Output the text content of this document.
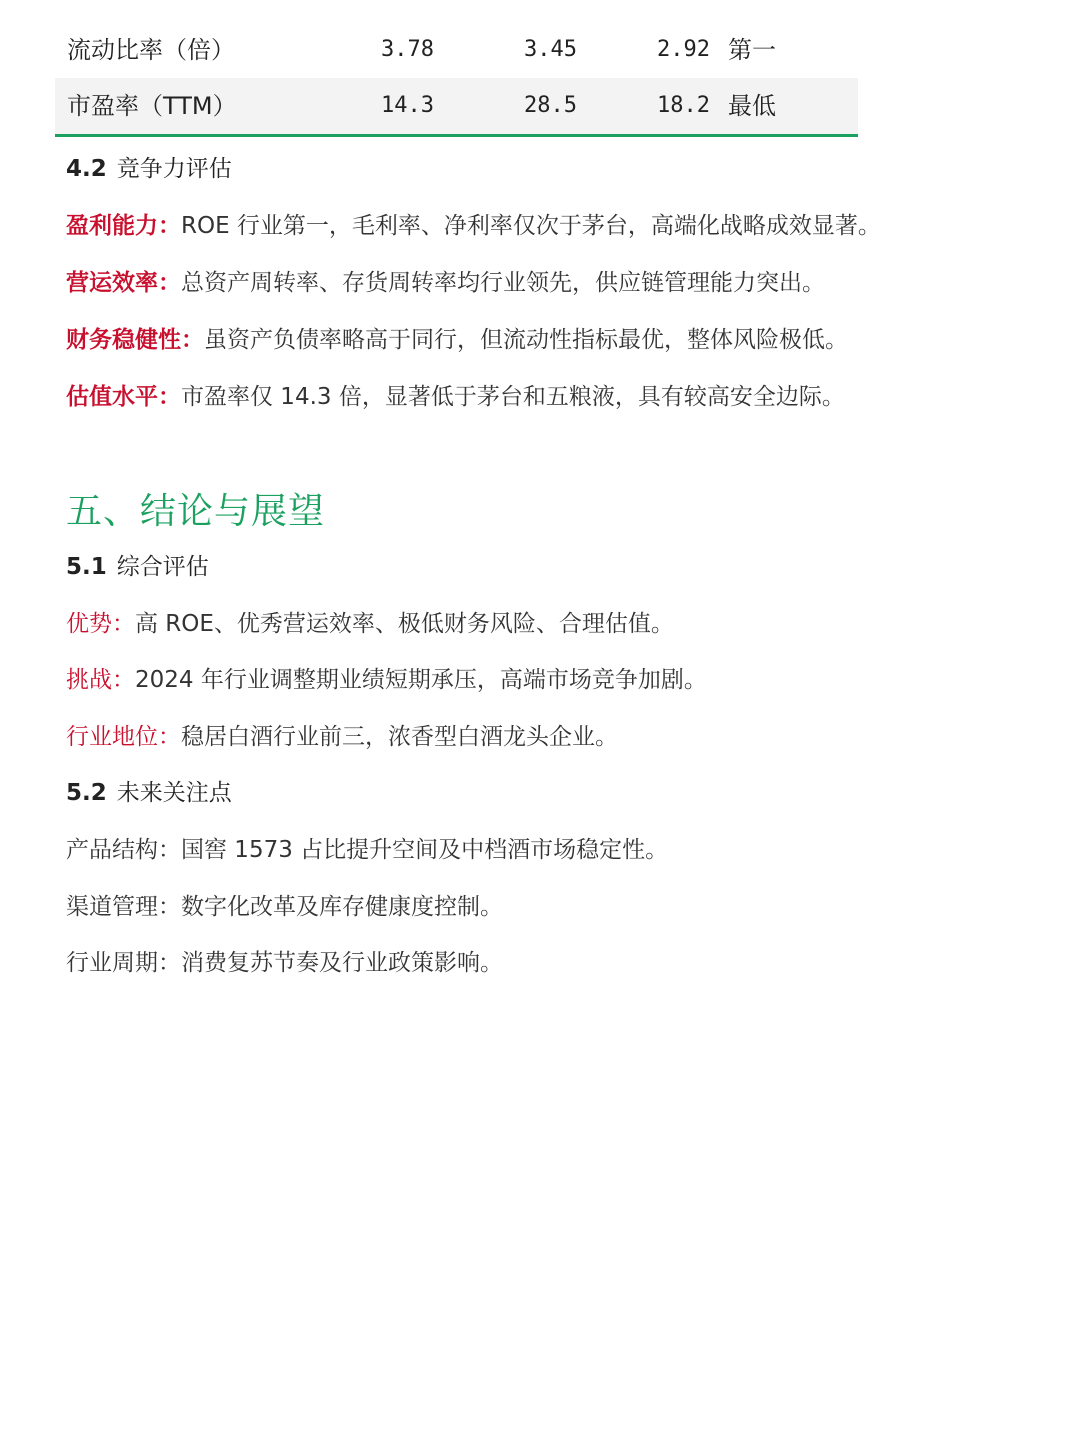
流动比率（倍）	3.78	3.45	2.92 第一
市盈率（TTM）	14.3	28.5	18.2 最低
4.2 竞争力评估
盈利能力：ROE 行业第一，毛利率、净利率仅次于茅台，高端化战略成效显著。
营运效率：总资产周转率、存货周转率均行业领先，供应链管理能力突出。
财务稳健性：虽资产负债率略高于同行，但流动性指标最优，整体风险极低。
估值水平：市盈率仅 14.3 倍，显著低于茅台和五粮液，具有较高安全边际。
五、结论与展望
5.1 综合评估
优势：高 ROE、优秀营运效率、极低财务风险、合理估值。
挑战：2024 年行业调整期业绩短期承压，高端市场竞争加剧。
行业地位：稳居白酒行业前三，浓香型白酒龙头企业。
5.2 未来关注点
产品结构：国窖 1573 占比提升空间及中档酒市场稳定性。
渠道管理：数字化改革及库存健康度控制。
行业周期：消费复苏节奏及行业政策影响。
